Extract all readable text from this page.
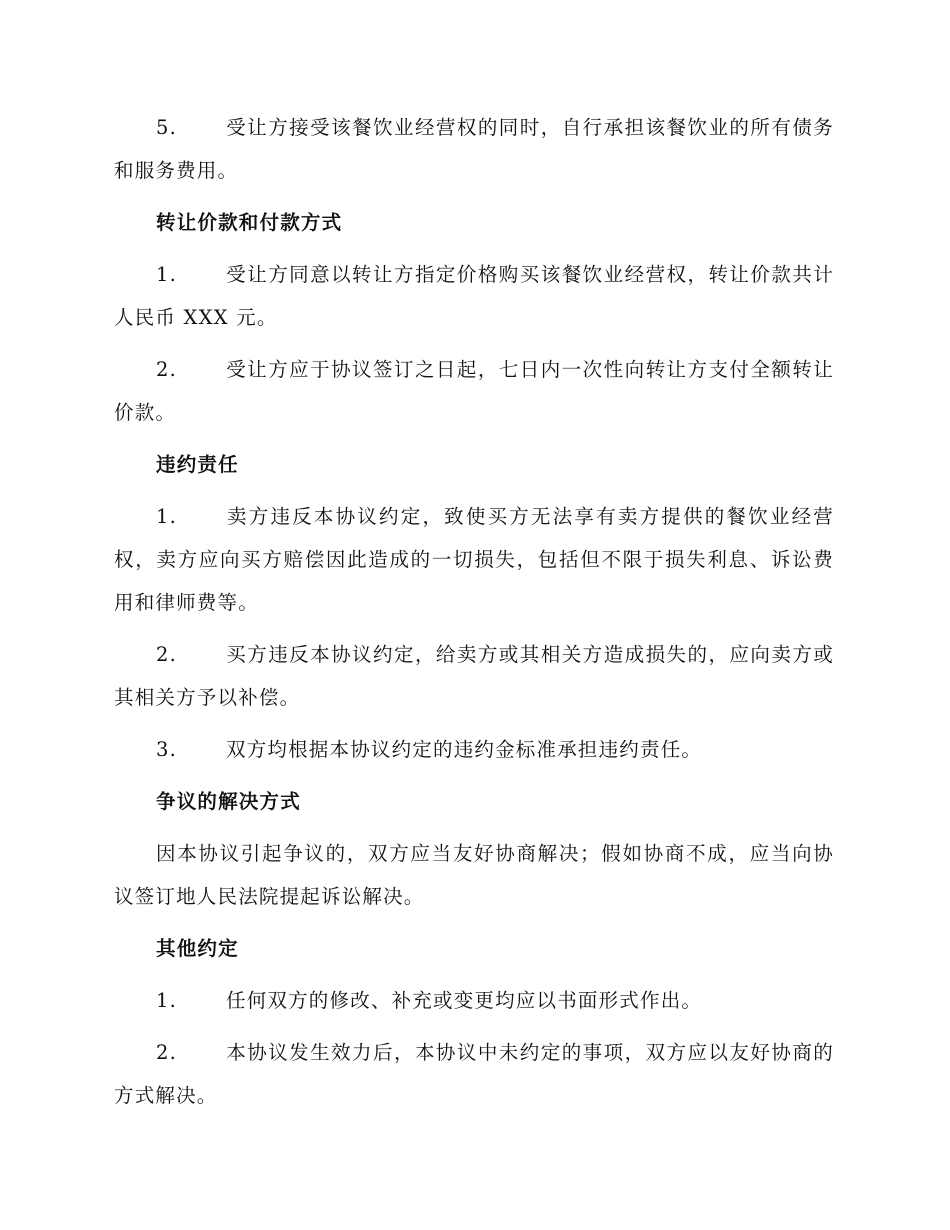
5.	受让方接受该餐饮业经营权的同时，自行承担该餐饮业的所有债务和服务费用。

转让价款和付款方式

1.	受让方同意以转让方指定价格购买该餐饮业经营权，转让价款共计人民币 XXX 元。

2.	受让方应于协议签订之日起，七日内一次性向转让方支付全额转让价款。

违约责任

1.	卖方违反本协议约定，致使买方无法享有卖方提供的餐饮业经营权，卖方应向买方赔偿因此造成的一切损失，包括但不限于损失利息、诉讼费用和律师费等。

2.	买方违反本协议约定，给卖方或其相关方造成损失的，应向卖方或其相关方予以补偿。

3.	双方均根据本协议约定的违约金标准承担违约责任。

争议的解决方式

因本协议引起争议的，双方应当友好协商解决；假如协商不成，应当向协议签订地人民法院提起诉讼解决。

其他约定

1.	任何双方的修改、补充或变更均应以书面形式作出。

2.	本协议发生效力后，本协议中未约定的事项，双方应以友好协商的方式解决。
